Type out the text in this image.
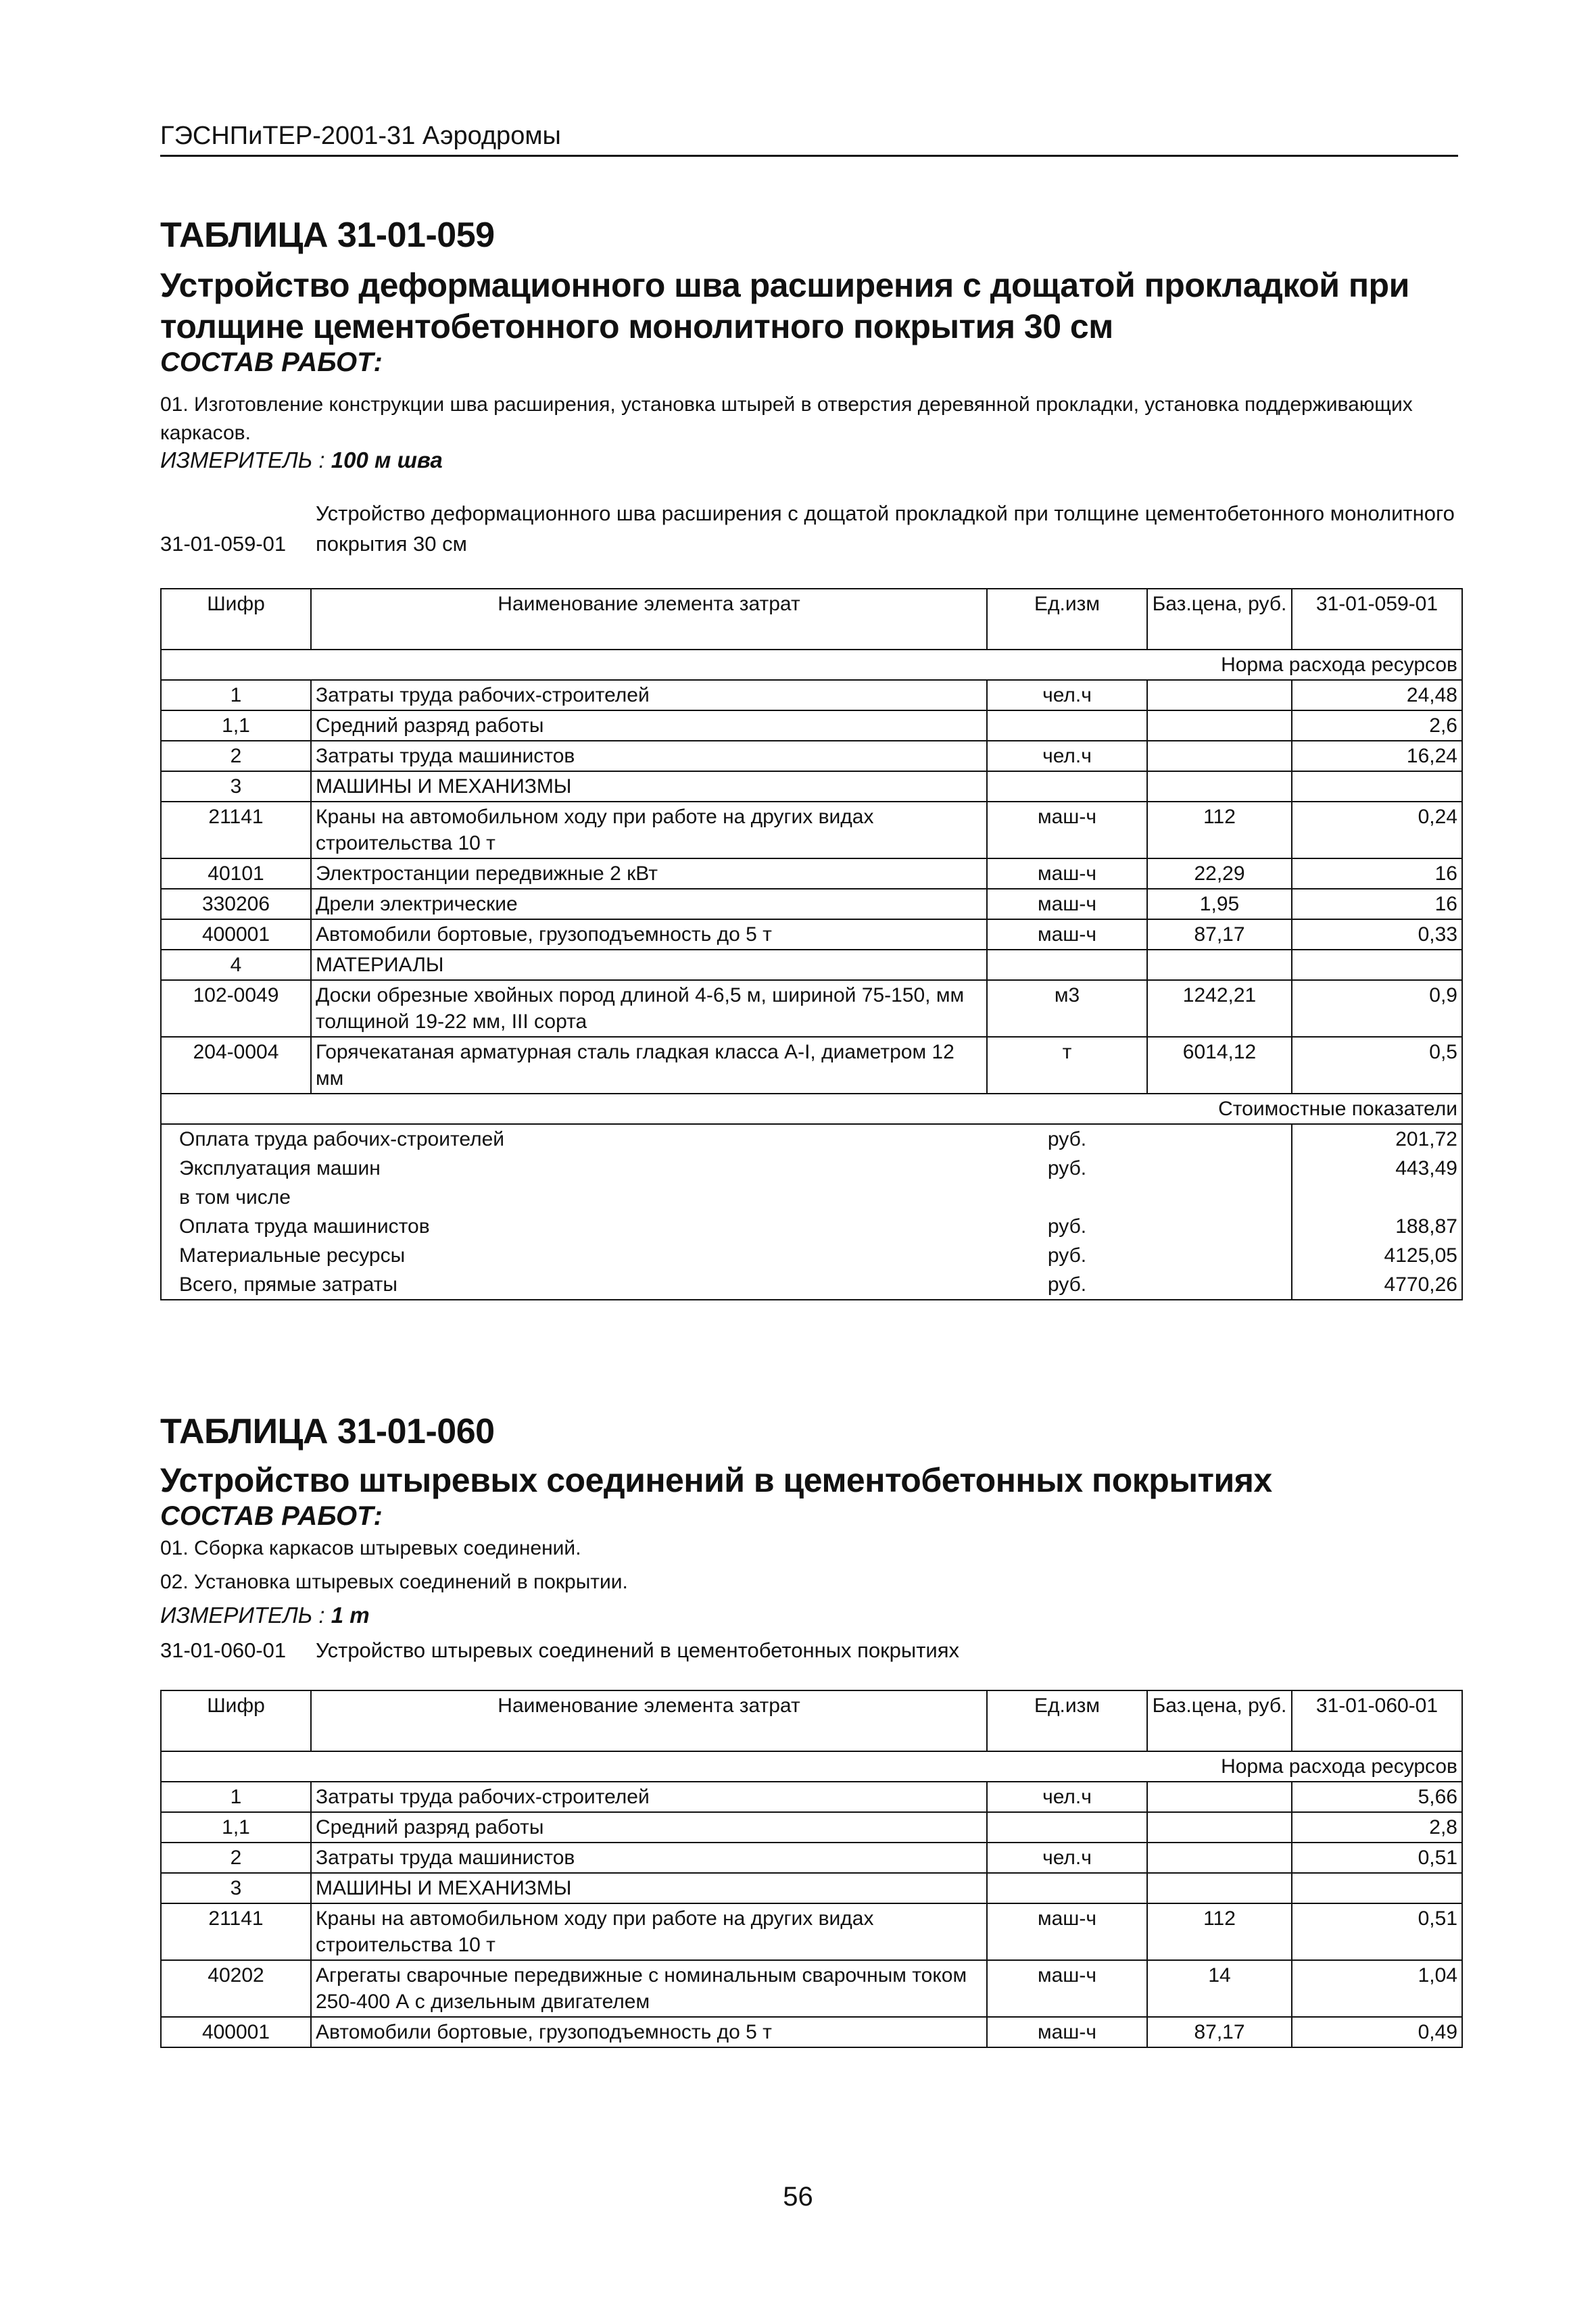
ГЭСНПиТЕР-2001-31 Аэродромы

ТАБЛИЦА 31-01-059

Устройство деформационного шва расширения с дощатой прокладкой при

толщине цементобетонного монолитного покрытия 30 см

СОСТАВ РАБОТ:

01. Изготовление конструкции шва расширения, установка штырей в отверстия деревянной прокладки, установка поддерживающих каркасов.

ИЗМЕРИТЕЛЬ : 100 м шва

31-01-059-01
Устройство деформационного шва расширения с дощатой прокладкой при толщине цементобетонного монолитного покрытия 30 см
Шифр	Наименование элемента затрат	Ед.изм	Баз.цена, руб.	31-01-059-01
			Норма расхода ресурсов	
1	Затраты труда рабочих-строителей	чел.ч		24,48
1,1	Средний разряд работы			2,6
2	Затраты труда машинистов	чел.ч		16,24
3	МАШИНЫ И МЕХАНИЗМЫ			
21141	Краны на автомобильном ходу при работе на других видах строительства 10 т	маш-ч	112	0,24
40101	Электростанции передвижные 2 кВт	маш-ч	22,29	16
330206	Дрели электрические	маш-ч	1,95	16
400001	Автомобили бортовые, грузоподъемность до 5 т	маш-ч	87,17	0,33
4	МАТЕРИАЛЫ			
102-0049	Доски обрезные хвойных пород длиной 4-6,5 м, шириной 75-150, мм толщиной 19-22 мм, III сорта	м3	1242,21	0,9
204-0004	Горячекатаная арматурная сталь гладкая класса А-I, диаметром 12 мм	т	6014,12	0,5
			Стоимостные показатели	
Оплата труда рабочих-строителей		руб.		201,72
Эксплуатация машин		руб.		443,49
в том числе				
Оплата труда машинистов		руб.		188,87
Материальные ресурсы		руб.		4125,05
Всего, прямые затраты		руб.		4770,26

ТАБЛИЦА 31-01-060

Устройство штыревых соединений в цементобетонных покрытиях

СОСТАВ РАБОТ:

01. Сборка каркасов штыревых соединений.

02. Установка штыревых соединений в покрытии.

ИЗМЕРИТЕЛЬ : 1 т

31-01-060-01	Устройство штыревых соединений в цементобетонных покрытиях
Шифр	Наименование элемента затрат	Ед.изм	Баз.цена, руб.	31-01-060-01
			Норма расхода ресурсов	
1	Затраты труда рабочих-строителей	чел.ч		5,66
1,1	Средний разряд работы			2,8
2	Затраты труда машинистов	чел.ч		0,51
3	МАШИНЫ И МЕХАНИЗМЫ			
21141	Краны на автомобильном ходу при работе на других видах строительства 10 т	маш-ч	112	0,51
40202	Агрегаты сварочные передвижные с номинальным сварочным током 250-400 А с дизельным двигателем	маш-ч	14	1,04
400001	Автомобили бортовые, грузоподъемность до 5 т	маш-ч	87,17	0,49
56
